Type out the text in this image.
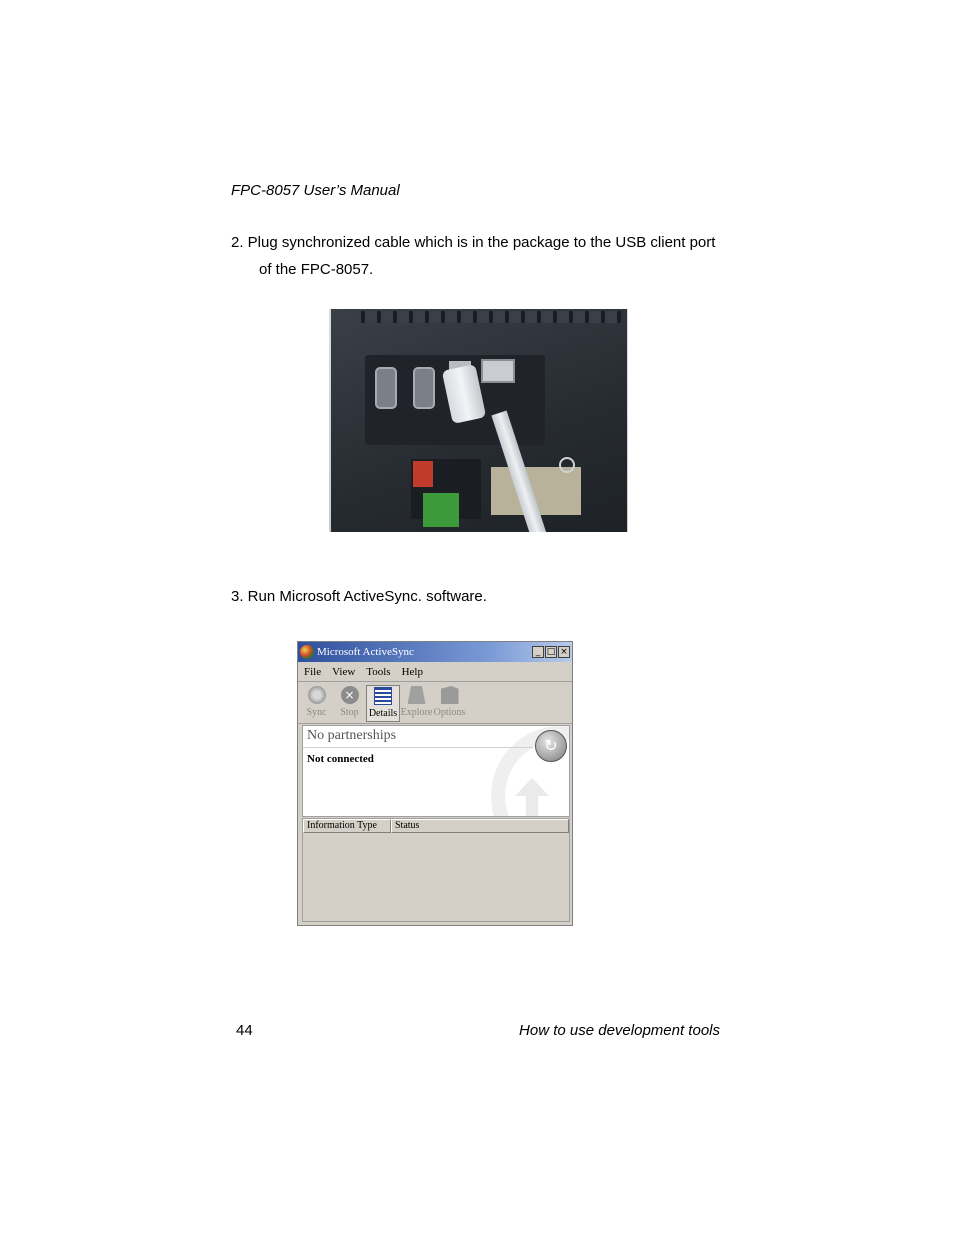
FPC-8057 User’s Manual
2. Plug synchronized cable which is in the package to the USB client port
of the FPC-8057.
3. Run Microsoft ActiveSync. software.
Microsoft ActiveSync	_ □ ×
File View Tools Help
Sync
×
Stop Details Explore Options
No partnerships
Not connected
↻
Information Type	Status
44	How to use development tools
